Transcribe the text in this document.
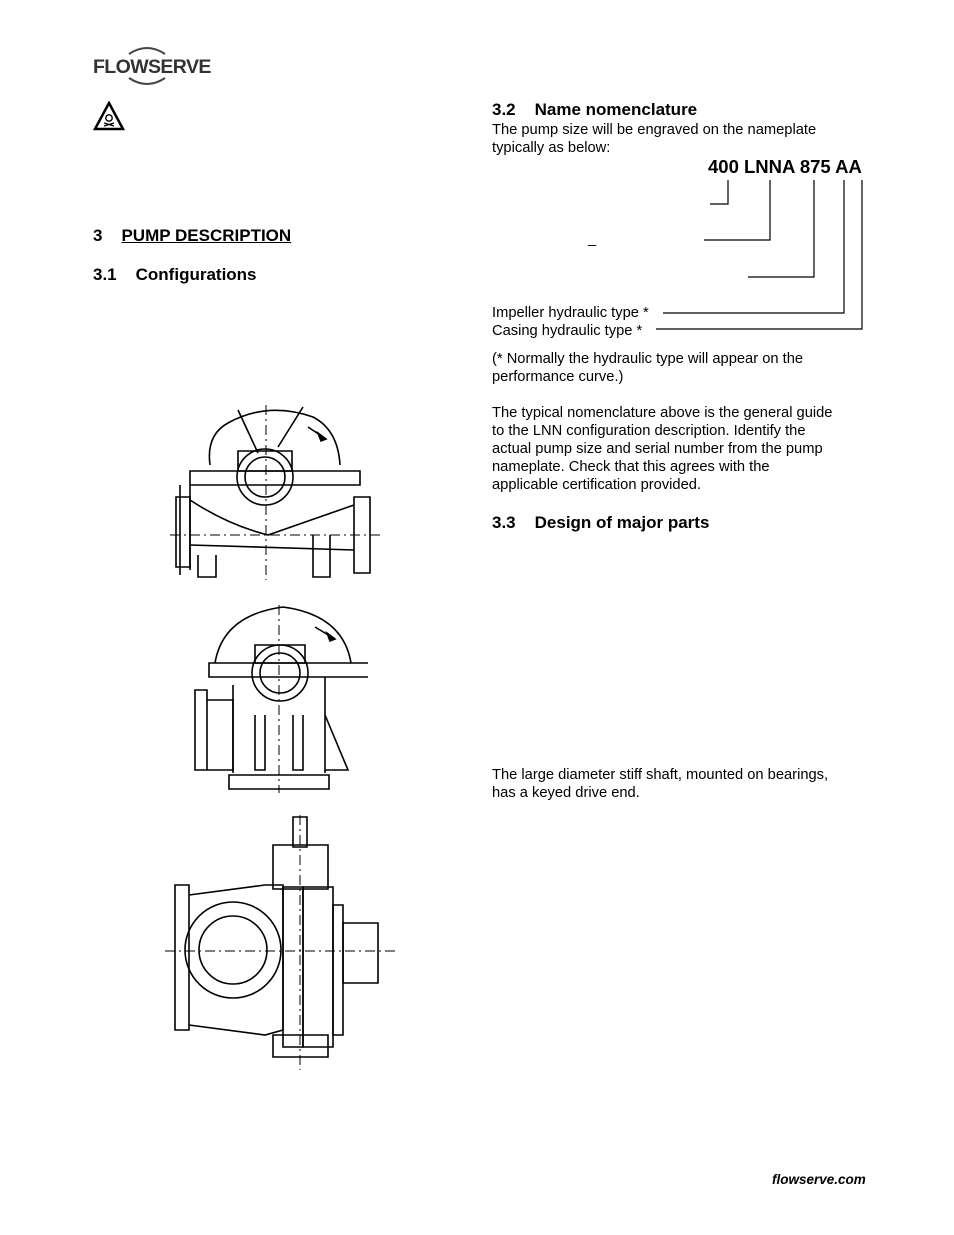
FLOWSERVE
3 PUMP DESCRIPTION
3.1 Configurations
3.2 Name nomenclature
The pump size will be engraved on the nameplate
typically as below:
400 LNNA 875 AA
_
Impeller hydraulic type *
Casing hydraulic type *
(* Normally the hydraulic type will appear on the
performance curve.)
The typical nomenclature above is the general guide
to the LNN configuration description. Identify the
actual pump size and serial number from the pump
nameplate. Check that this agrees with the
applicable certification provided.
3.3 Design of major parts
The large diameter stiff shaft, mounted on bearings,
has a keyed drive end.
flowserve.com
